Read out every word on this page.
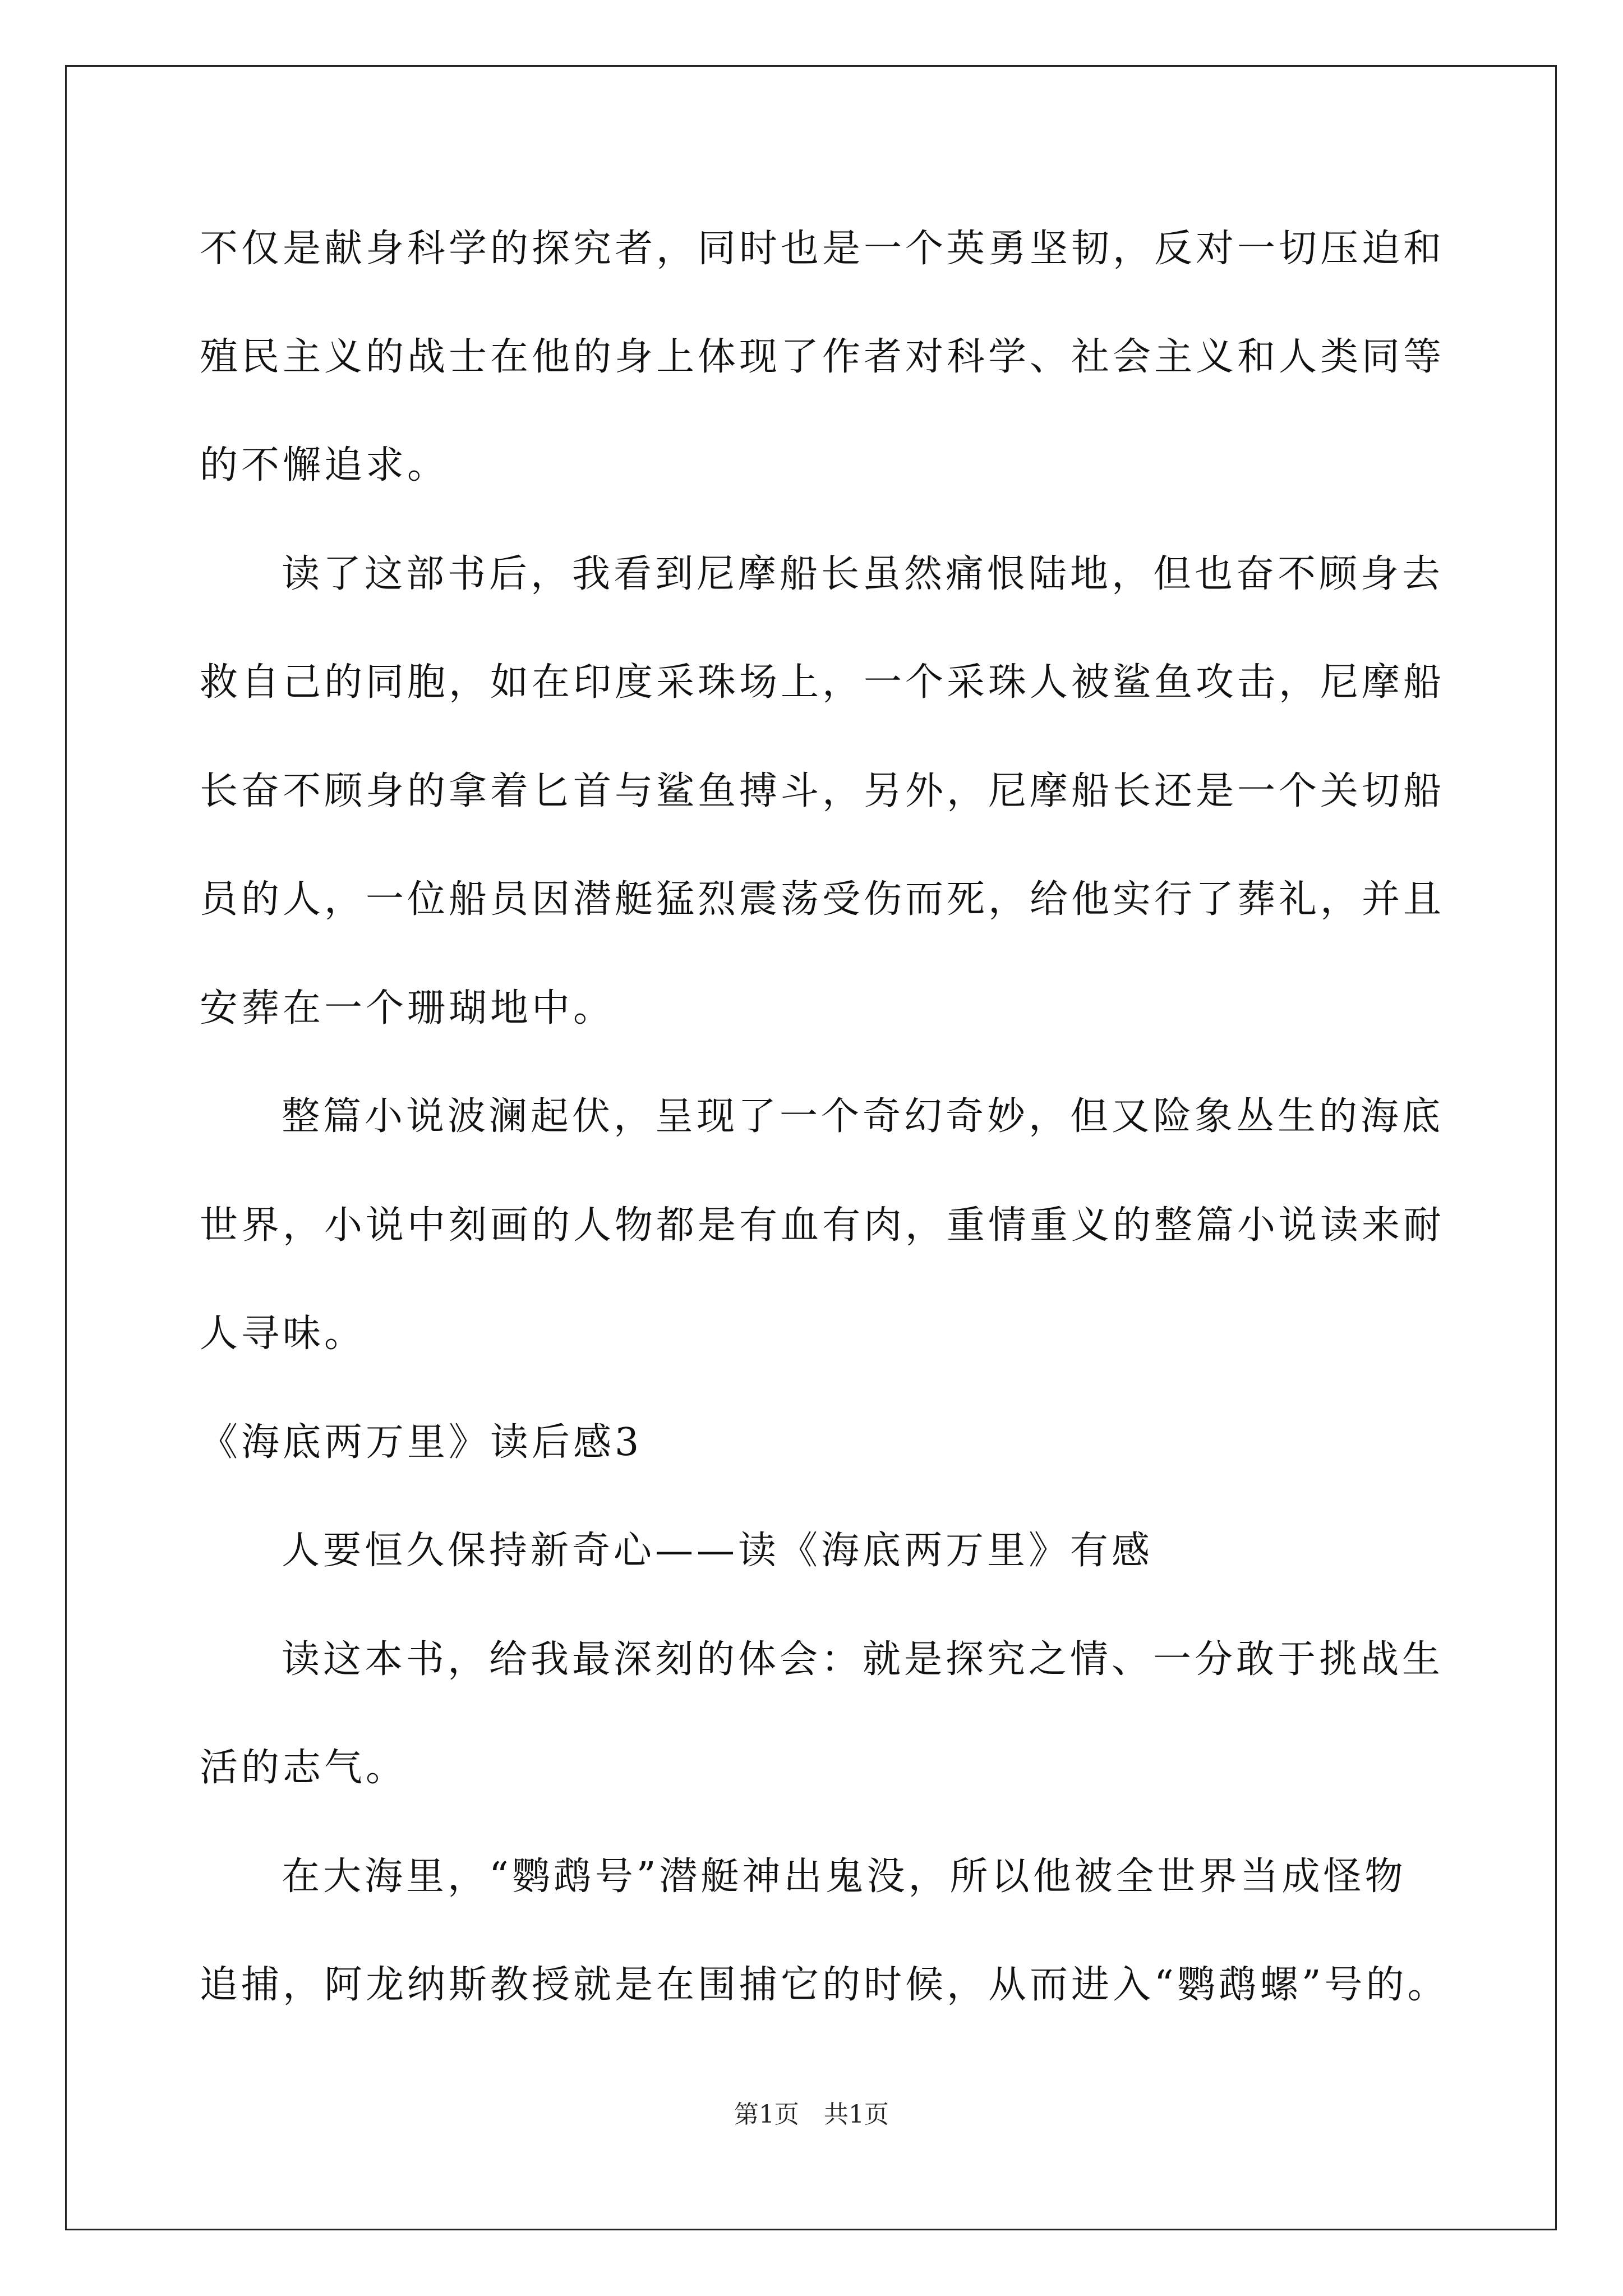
不仅是献身科学的探究者，同时也是一个英勇坚韧，反对一切压迫和
殖民主义的战士在他的身上体现了作者对科学、社会主义和人类同等
的不懈追求。
读了这部书后，我看到尼摩船长虽然痛恨陆地，但也奋不顾身去
救自己的同胞，如在印度采珠场上，一个采珠人被鲨鱼攻击，尼摩船
长奋不顾身的拿着匕首与鲨鱼搏斗，另外，尼摩船长还是一个关切船
员的人，一位船员因潜艇猛烈震荡受伤而死，给他实行了葬礼，并且
安葬在一个珊瑚地中。
整篇小说波澜起伏，呈现了一个奇幻奇妙，但又险象丛生的海底
世界，小说中刻画的人物都是有血有肉，重情重义的整篇小说读来耐
人寻味。
《海底两万里》读后感3
人要恒久保持新奇心——读《海底两万里》有感
读这本书，给我最深刻的体会：就是探究之情、一分敢于挑战生
活的志气。
在大海里，“鹦鹉号”潜艇神出鬼没，所以他被全世界当成怪物
追捕，阿龙纳斯教授就是在围捕它的时候，从而进入“鹦鹉螺”号的。
第1页　共1页
